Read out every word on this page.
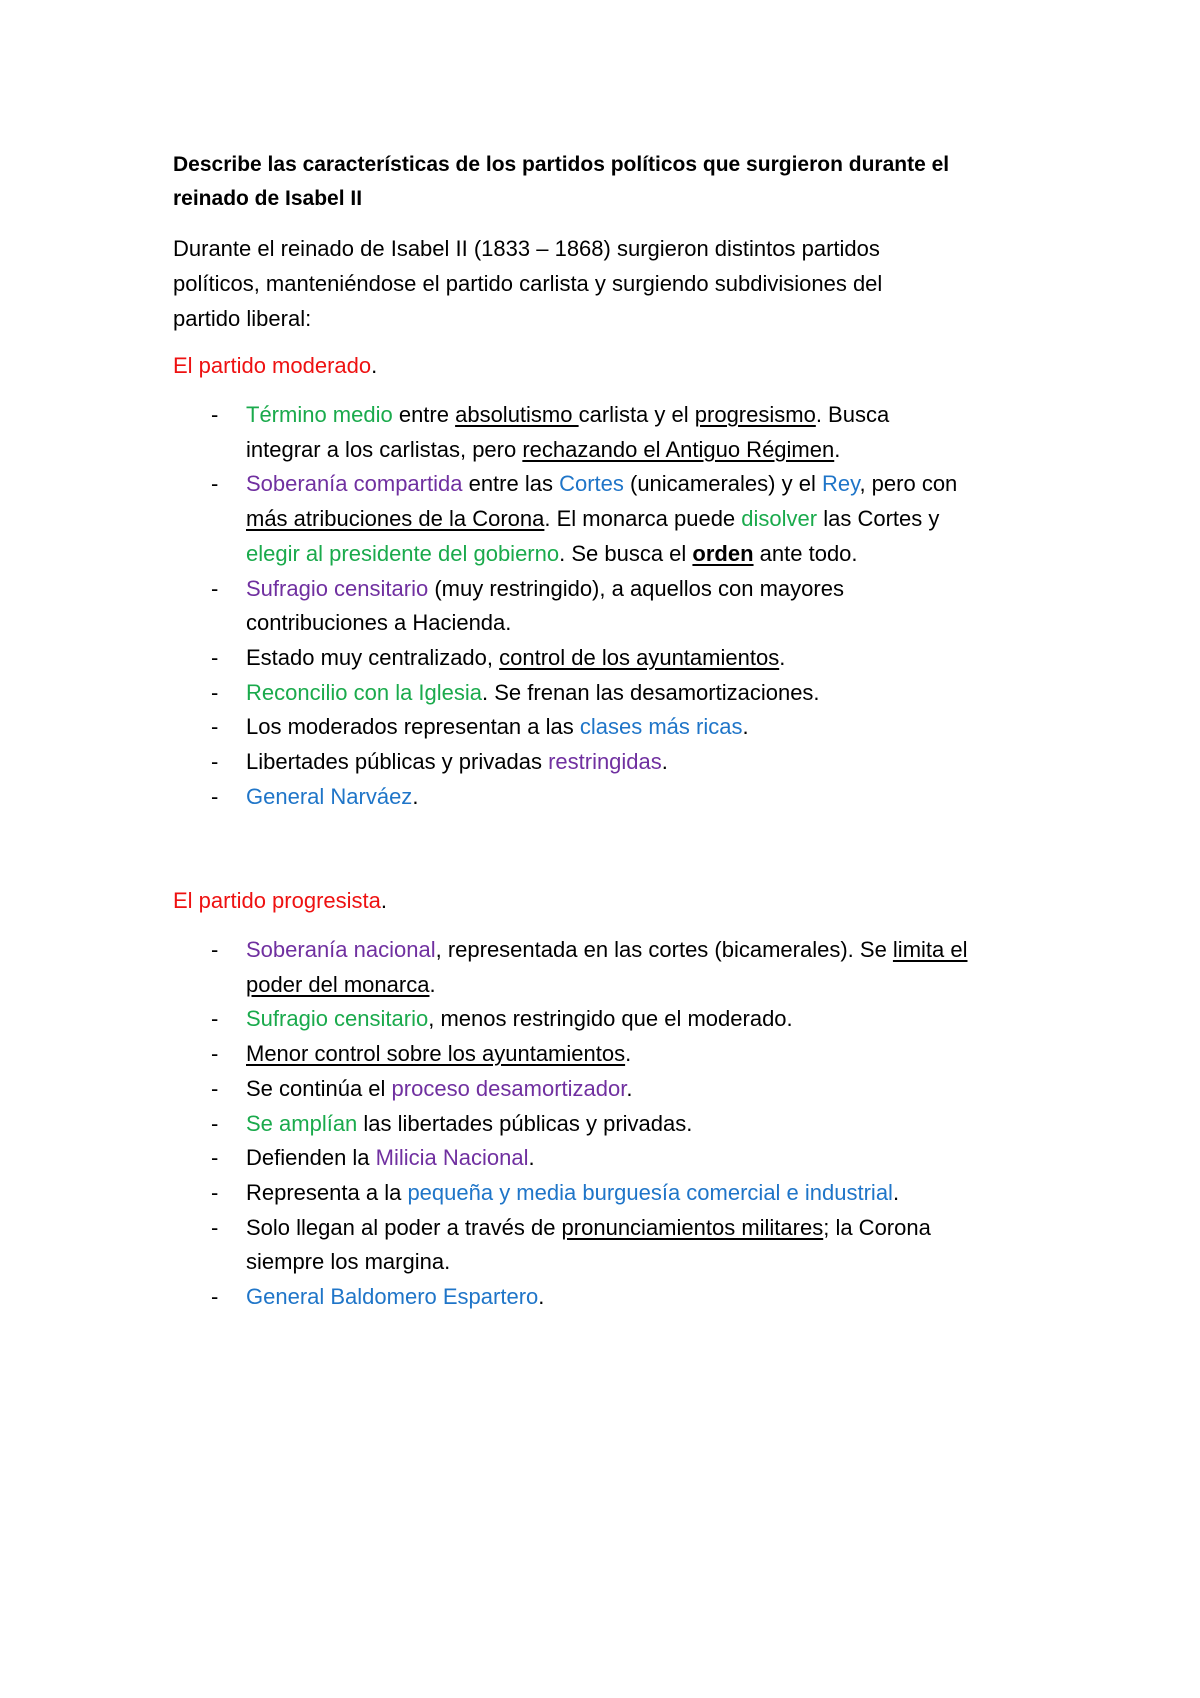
Describe las características de los partidos políticos que surgieron durante el
reinado de Isabel II
Durante el reinado de Isabel II (1833 – 1868) surgieron distintos partidos
políticos, manteniéndose el partido carlista y surgiendo subdivisiones del
partido liberal:
El partido moderado.
- Término medio entre absolutismo carlista y el progresismo. Busca
integrar a los carlistas, pero rechazando el Antiguo Régimen.
- Soberanía compartida entre las Cortes (unicamerales) y el Rey, pero con
más atribuciones de la Corona. El monarca puede disolver las Cortes y
elegir al presidente del gobierno. Se busca el orden ante todo.
- Sufragio censitario (muy restringido), a aquellos con mayores
contribuciones a Hacienda.
- Estado muy centralizado, control de los ayuntamientos.
- Reconcilio con la Iglesia. Se frenan las desamortizaciones.
- Los moderados representan a las clases más ricas.
- Libertades públicas y privadas restringidas.
- General Narváez.
El partido progresista.
- Soberanía nacional, representada en las cortes (bicamerales). Se limita el
poder del monarca.
- Sufragio censitario, menos restringido que el moderado.
- Menor control sobre los ayuntamientos.
- Se continúa el proceso desamortizador.
- Se amplían las libertades públicas y privadas.
- Defienden la Milicia Nacional.
- Representa a la pequeña y media burguesía comercial e industrial.
- Solo llegan al poder a través de pronunciamientos militares; la Corona
siempre los margina.
- General Baldomero Espartero.
